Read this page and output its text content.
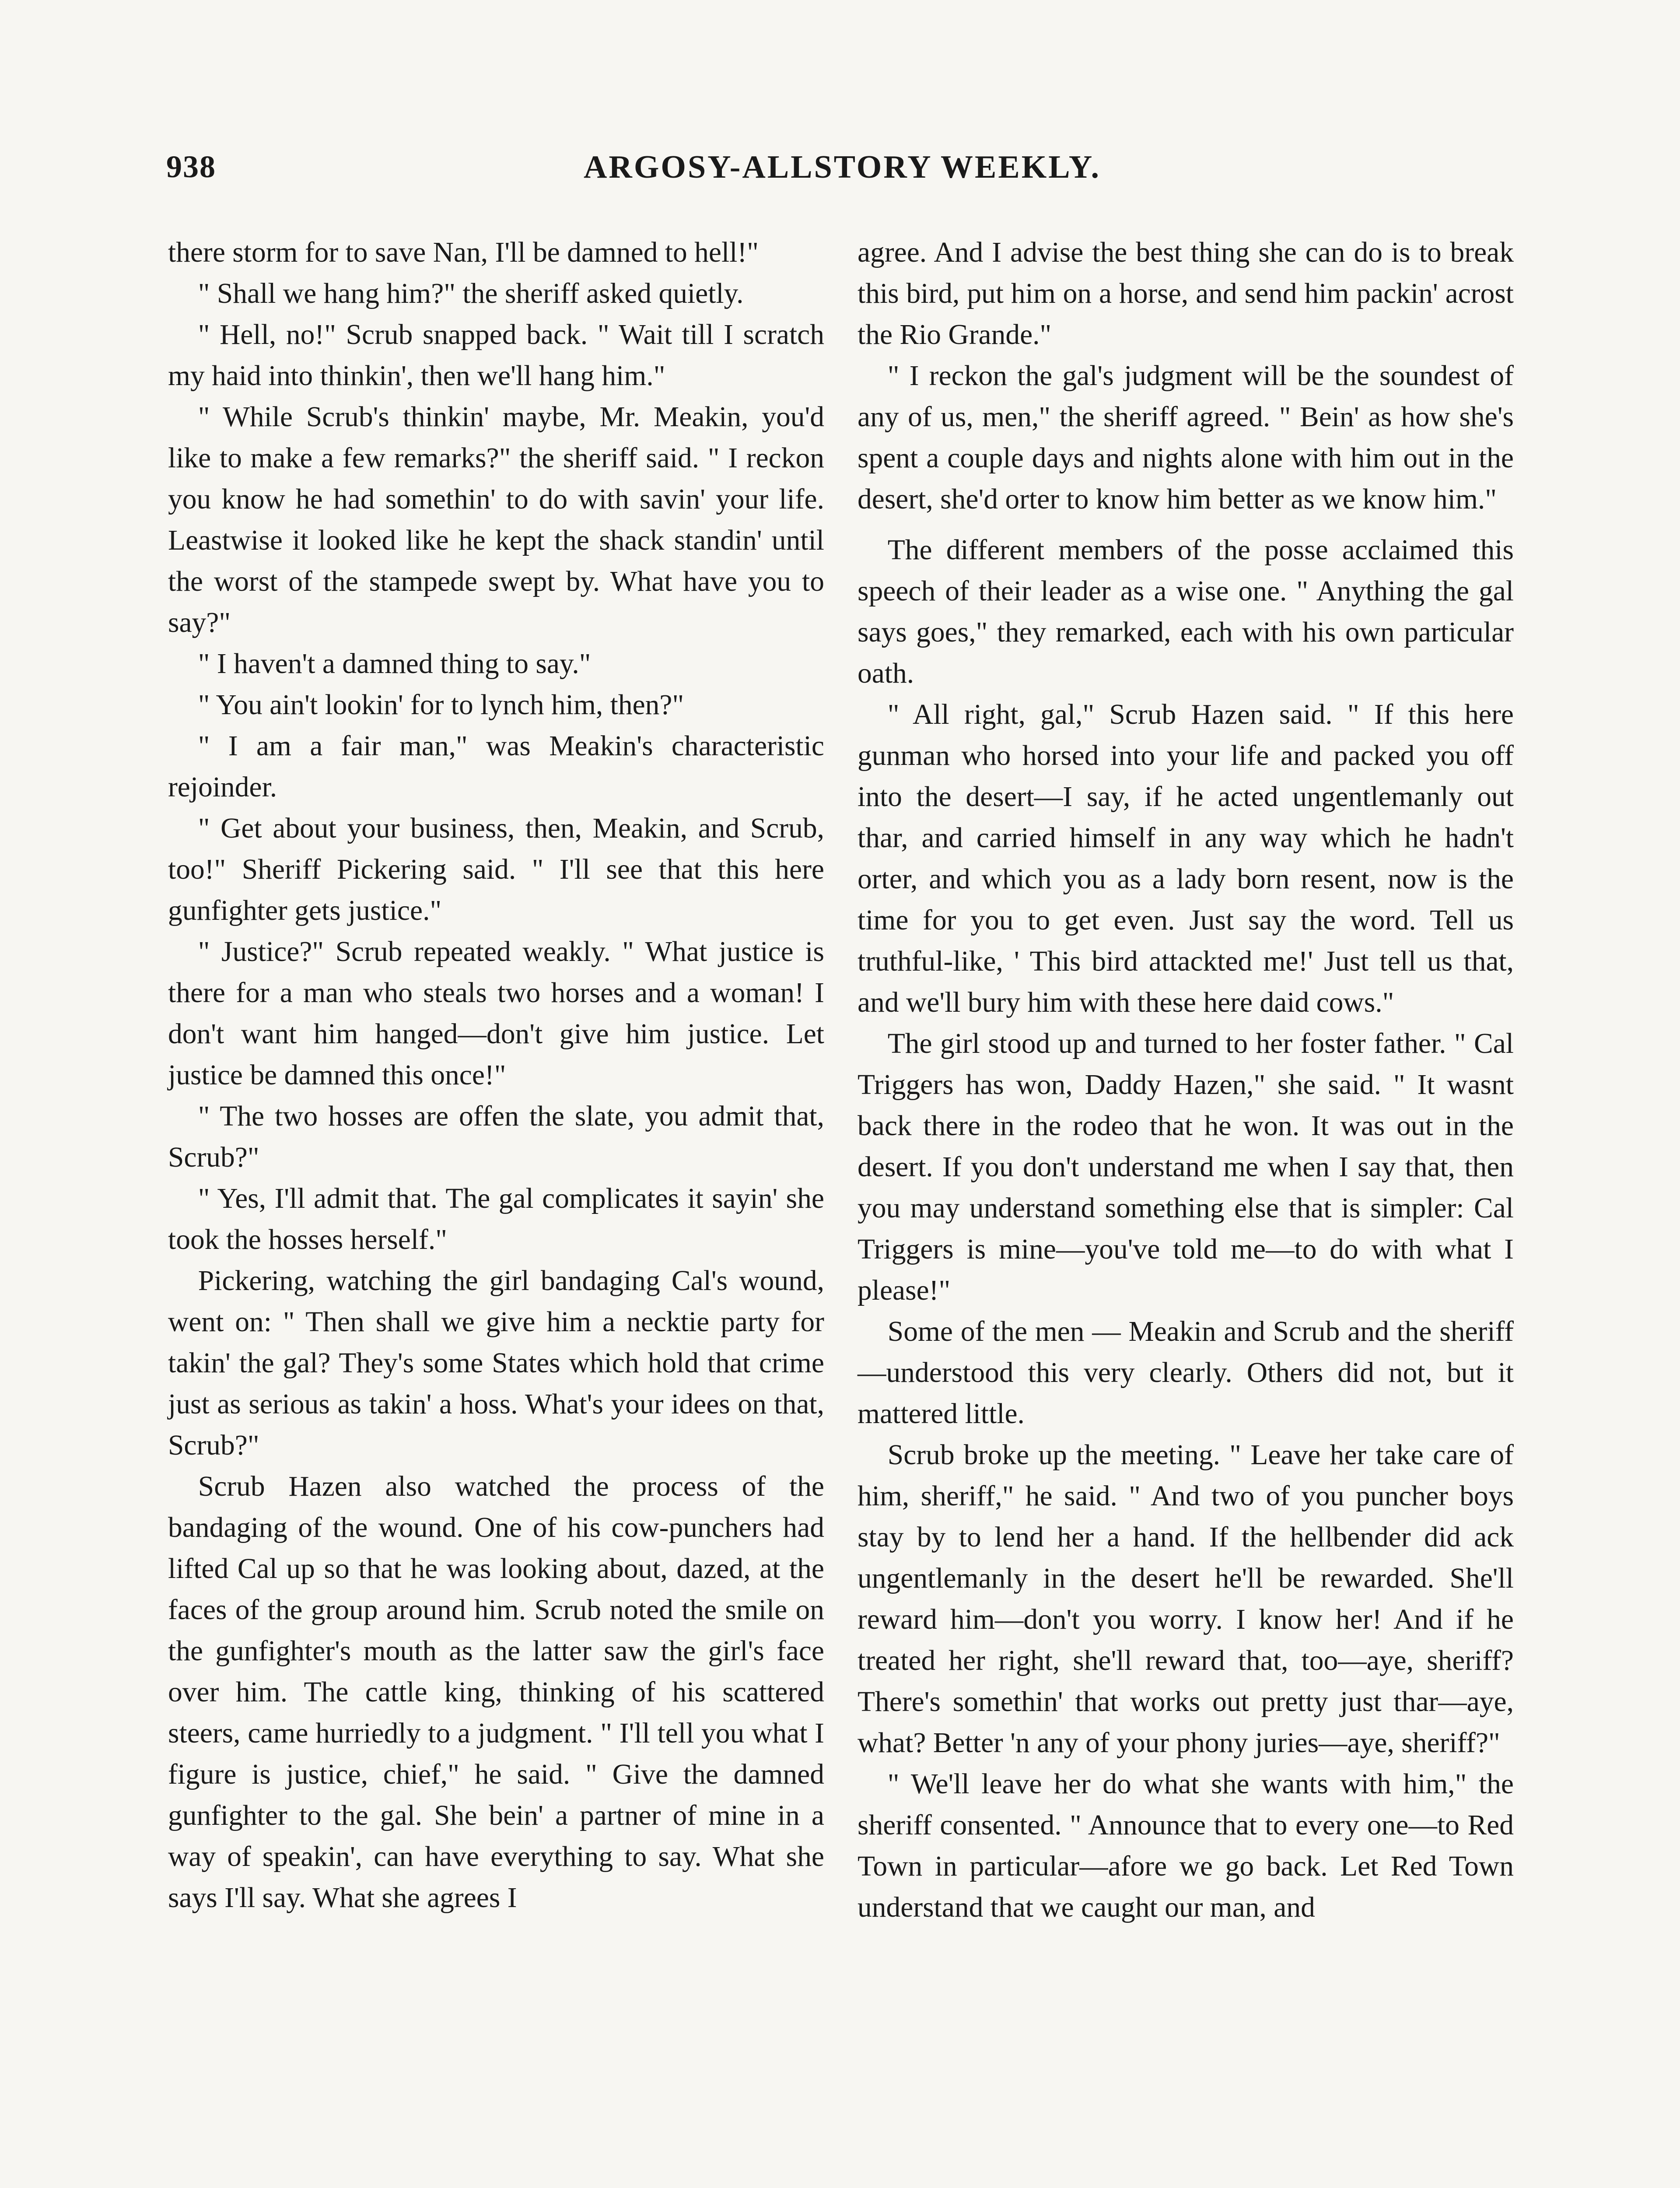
938	ARGOSY-ALLSTORY WEEKLY.

there storm for to save Nan, I'll be damned to hell!"

" Shall we hang him?" the sheriff asked quietly.

" Hell, no!" Scrub snapped back. " Wait till I scratch my haid into thinkin', then we'll hang him."

" While Scrub's thinkin' maybe, Mr. Meakin, you'd like to make a few remarks?" the sheriff said. " I reckon you know he had somethin' to do with savin' your life. Leastwise it looked like he kept the shack standin' until the worst of the stampede swept by. What have you to say?"

" I haven't a damned thing to say."

" You ain't lookin' for to lynch him, then?"

" I am a fair man," was Meakin's characteristic rejoinder.

" Get about your business, then, Meakin, and Scrub, too!" Sheriff Pickering said. " I'll see that this here gunfighter gets justice."

" Justice?" Scrub repeated weakly. " What justice is there for a man who steals two horses and a woman! I don't want him hanged—don't give him justice. Let justice be damned this once!"

" The two hosses are offen the slate, you admit that, Scrub?"

" Yes, I'll admit that. The gal complicates it sayin' she took the hosses herself."

Pickering, watching the girl bandaging Cal's wound, went on: " Then shall we give him a necktie party for takin' the gal? They's some States which hold that crime just as serious as takin' a hoss. What's your idees on that, Scrub?"

Scrub Hazen also watched the process of the bandaging of the wound. One of his cow-punchers had lifted Cal up so that he was looking about, dazed, at the faces of the group around him. Scrub noted the smile on the gunfighter's mouth as the latter saw the girl's face over him. The cattle king, thinking of his scattered steers, came hurriedly to a judgment. " I'll tell you what I figure is justice, chief," he said. " Give the damned gunfighter to the gal. She bein' a partner of mine in a way of speakin', can have everything to say. What she says I'll say. What she agrees I

agree. And I advise the best thing she can do is to break this bird, put him on a horse, and send him packin' acrost the Rio Grande."

" I reckon the gal's judgment will be the soundest of any of us, men," the sheriff agreed. " Bein' as how she's spent a couple days and nights alone with him out in the desert, she'd orter to know him better as we know him."

The different members of the posse acclaimed this speech of their leader as a wise one. " Anything the gal says goes," they remarked, each with his own particular oath.

" All right, gal," Scrub Hazen said. " If this here gunman who horsed into your life and packed you off into the desert—I say, if he acted ungentlemanly out thar, and carried himself in any way which he hadn't orter, and which you as a lady born resent, now is the time for you to get even. Just say the word. Tell us truthful-like, ' This bird attackted me!' Just tell us that, and we'll bury him with these here daid cows."

The girl stood up and turned to her foster father. " Cal Triggers has won, Daddy Hazen," she said. " It wasnt back there in the rodeo that he won. It was out in the desert. If you don't understand me when I say that, then you may understand something else that is simpler: Cal Triggers is mine—you've told me—to do with what I please!"

Some of the men — Meakin and Scrub and the sheriff—understood this very clearly. Others did not, but it mattered little.

Scrub broke up the meeting. " Leave her take care of him, sheriff," he said. " And two of you puncher boys stay by to lend her a hand. If the hellbender did ack ungentlemanly in the desert he'll be rewarded. She'll reward him—don't you worry. I know her! And if he treated her right, she'll reward that, too—aye, sheriff? There's somethin' that works out pretty just thar—aye, what? Better 'n any of your phony juries—aye, sheriff?"

" We'll leave her do what she wants with him," the sheriff consented. " Announce that to every one—to Red Town in particular—afore we go back. Let Red Town understand that we caught our man, and
